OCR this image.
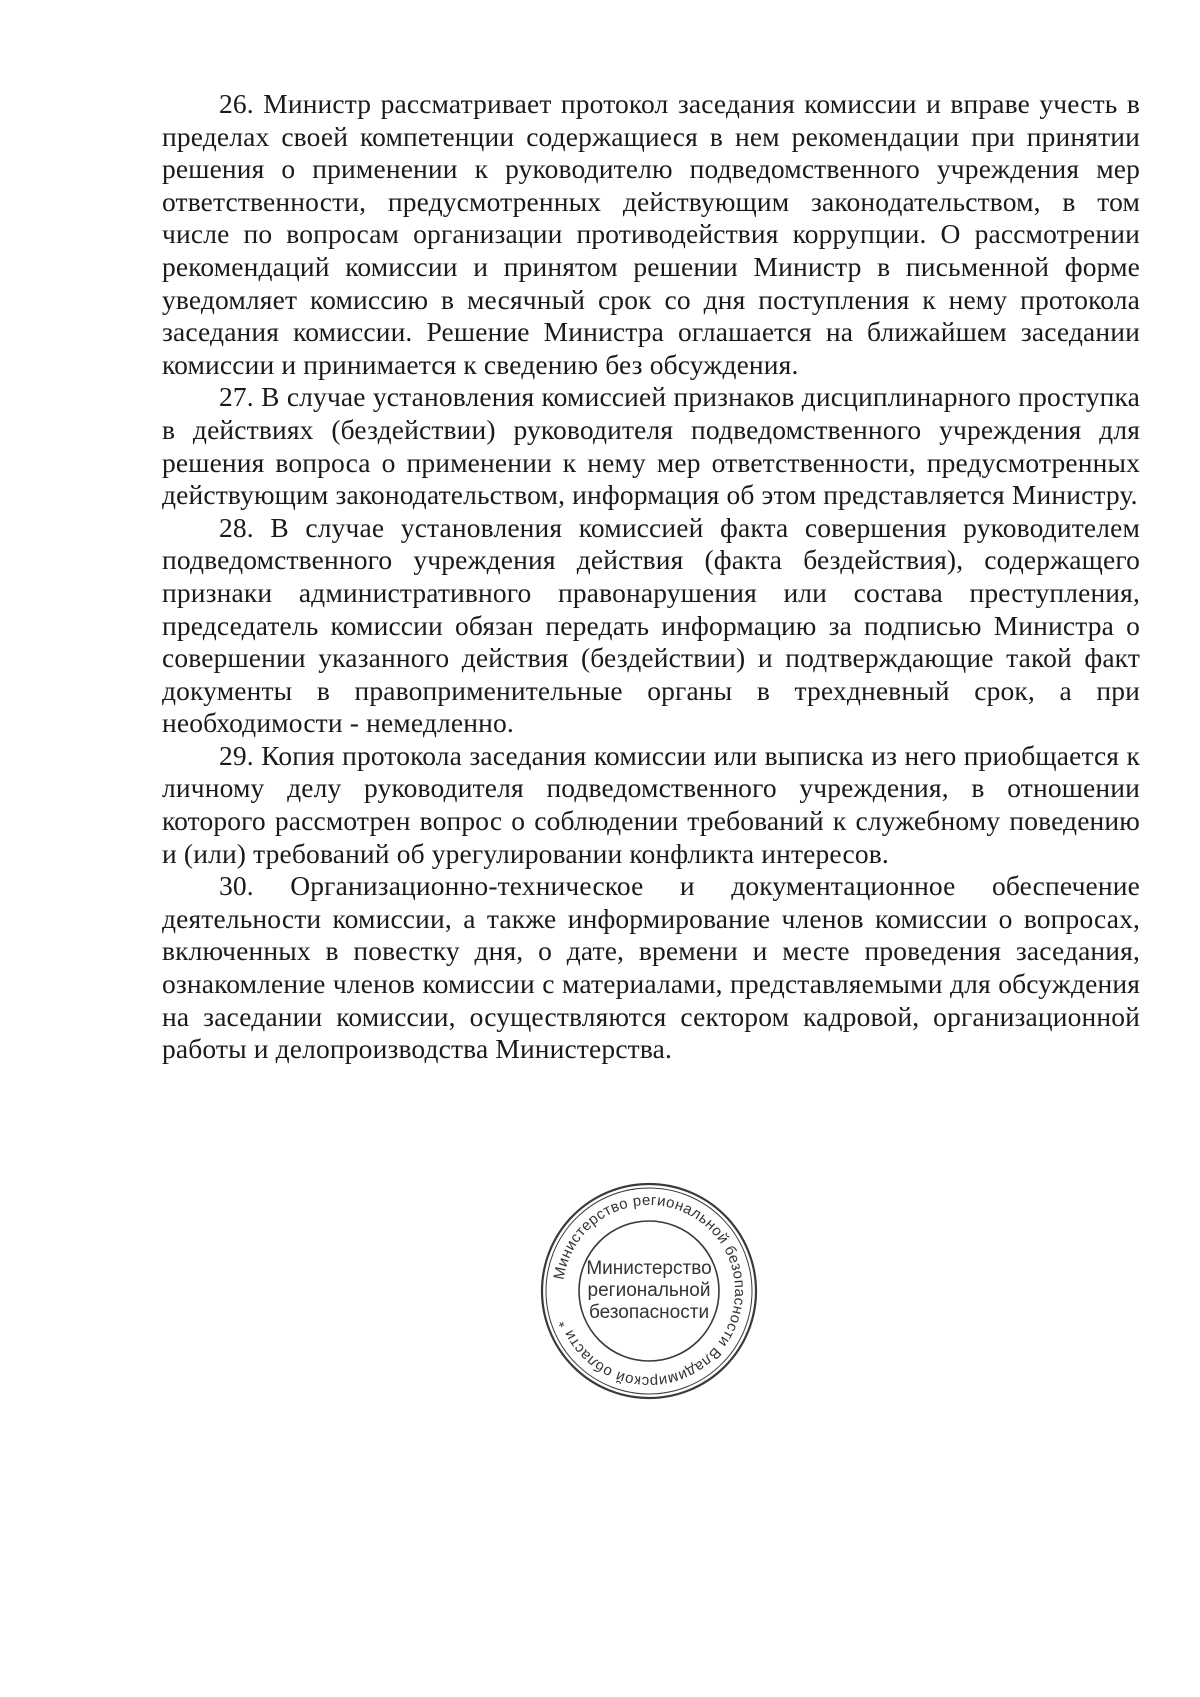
26. Министр рассматривает протокол заседания комиссии и вправе учесть в пределах своей компетенции содержащиеся в нем рекомендации при принятии решения о применении к руководителю подведомственного учреждения мер ответственности, предусмотренных действующим законодательством, в том числе по вопросам организации противодействия коррупции. О рассмотрении рекомендаций комиссии и принятом решении Министр в письменной форме уведомляет комиссию в месячный срок со дня поступления к нему протокола заседания комиссии. Решение Министра оглашается на ближайшем заседании комиссии и принимается к сведению без обсуждения.

27. В случае установления комиссией признаков дисциплинарного проступка в действиях (бездействии) руководителя подведомственного учреждения для решения вопроса о применении к нему мер ответственности, предусмотренных действующим законодательством, информация об этом представляется Министру.

28. В случае установления комиссией факта совершения руководителем подведомственного учреждения действия (факта бездействия), содержащего признаки административного правонарушения или состава преступления, председатель комиссии обязан передать информацию за подписью Министра о совершении указанного действия (бездействии) и подтверждающие такой факт документы в правоприменительные органы в трехдневный срок, а при необходимости - немедленно.

29. Копия протокола заседания комиссии или выписка из него приобщается к личному делу руководителя подведомственного учреждения, в отношении которого рассмотрен вопрос о соблюдении требований к служебному поведению и (или) требований об урегулировании конфликта интересов.

30. Организационно-техническое и документационное обеспечение деятельности комиссии, а также информирование членов комиссии о вопросах, включенных в повестку дня, о дате, времени и месте проведения заседания, ознакомление членов комиссии с материалами, представляемыми для обсуждения на заседании комиссии, осуществляются сектором кадровой, организационной работы и делопроизводства Министерства.

Министерство региональной безопасности Владимирской области *
Министерство
региональной
безопасности
